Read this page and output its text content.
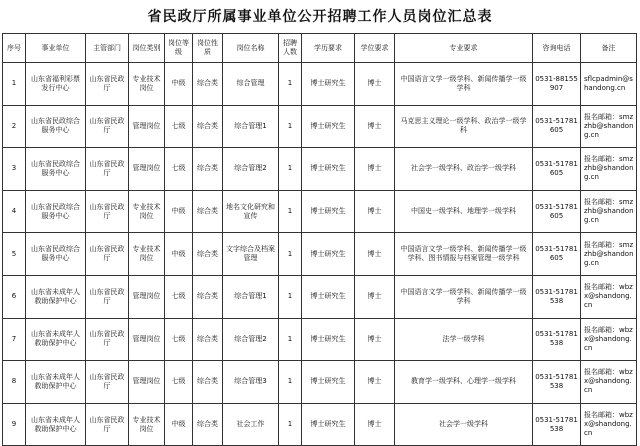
省民政厅所属事业单位公开招聘工作人员岗位汇总表
序号	事业单位	主管部门	岗位类别	岗位等级	岗位性质	岗位名称	招聘人数	学历要求	学位要求	专业要求	咨询电话	备注
1	山东省福利彩票发行中心	山东省民政厅	专业技术岗位	中级	综合类	综合管理	1	博士研究生	博士	中国语言文学一级学科、新闻传播学一级学科	0531-88155907	sflcpadmin@shandong.cn
2	山东省民政综合服务中心	山东省民政厅	管理岗位	七级	综合类	综合管理1	1	博士研究生	博士	马克思主义理论一级学科、政治学一级学科	0531-51781605	报名邮箱：smzzhb@shandong.cn
3	山东省民政综合服务中心	山东省民政厅	管理岗位	七级	综合类	综合管理2	1	博士研究生	博士	社会学一级学科、政治学一级学科	0531-51781605	报名邮箱：smzzhb@shandong.cn
4	山东省民政综合服务中心	山东省民政厅	专业技术岗位	中级	综合类	地名文化研究和宣传	1	博士研究生	博士	中国史一级学科、地理学一级学科	0531-51781605	报名邮箱：smzzhb@shandong.cn
5	山东省民政综合服务中心	山东省民政厅	专业技术岗位	中级	综合类	文字综合及档案管理	1	博士研究生	博士	中国语言文学一级学科、新闻传播学一级学科、图书情报与档案管理一级学科	0531-51781605	报名邮箱：smzzhb@shandong.cn
6	山东省未成年人救助保护中心	山东省民政厅	管理岗位	七级	综合类	综合管理1	1	博士研究生	博士	中国语言文学一级学科、新闻传播学一级学科	0531-51781538	报名邮箱：wbzx@shandong.cn
7	山东省未成年人救助保护中心	山东省民政厅	管理岗位	七级	综合类	综合管理2	1	博士研究生	博士	法学一级学科	0531-51781538	报名邮箱：wbzx@shandong.cn
8	山东省未成年人救助保护中心	山东省民政厅	管理岗位	七级	综合类	综合管理3	1	博士研究生	博士	教育学一级学科、心理学一级学科	0531-51781538	报名邮箱：wbzx@shandong.cn
9	山东省未成年人救助保护中心	山东省民政厅	专业技术岗位	中级	综合类	社会工作	1	博士研究生	博士	社会学一级学科	0531-51781538	报名邮箱：wbzx@shandong.cn
